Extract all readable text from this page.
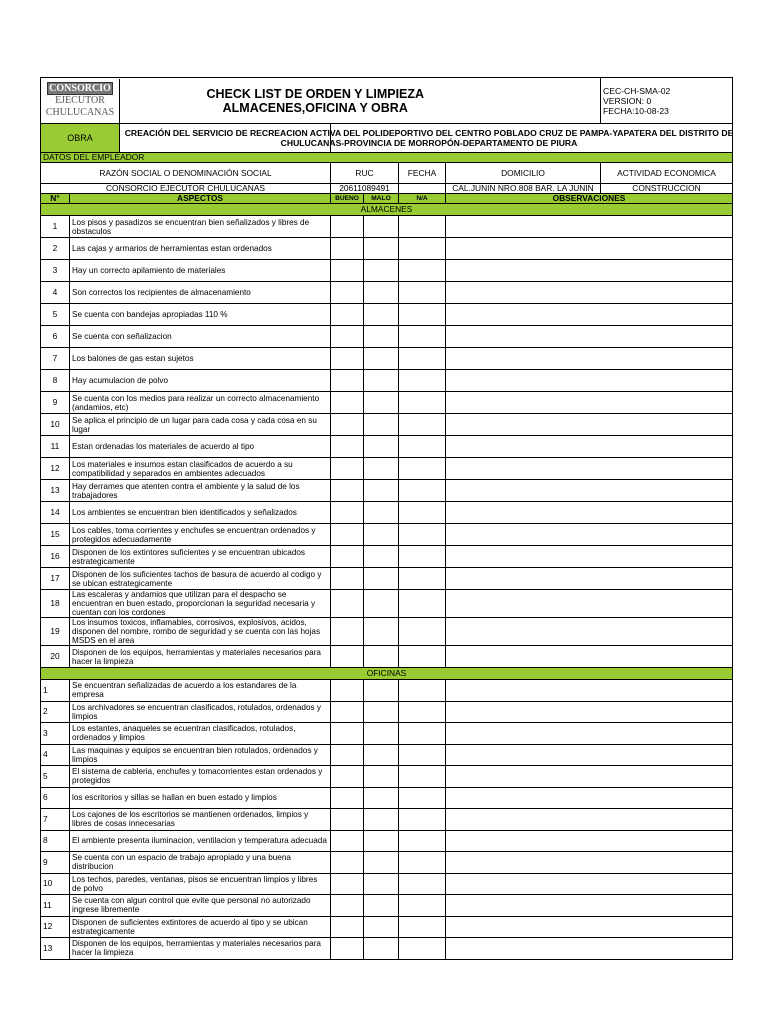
CONSORCIO
EJECUTOR
CHULUCANAS	

CHECK LIST DE ORDEN Y LIMPIEZA
ALMACENES,OFICINA Y OBRA

CEC-CH-SMA-02
VERSION: 0
FECHA:10-08-23

OBRA	CREACIÓN DEL SERVICIO DE RECREACION ACTIVA DEL POLIDEPORTIVO DEL CENTRO POBLADO CRUZ DE PAMPA-YAPATERA DEL DISTRITO DE CHULUCANAS-PROVINCIA DE MORROPÓN-DEPARTAMENTO DE PIURA

DATOS DEL EMPLEADOR
RAZÓN SOCIAL O DENOMINACIÓN SOCIAL	RUC	FECHA	DOMICILIO	ACTIVIDAD ECONOMICA
CONSORCIO EJECUTOR CHULUCANAS	20611089491		CAL.JUNIN NRO.808 BAR. LA JUNIN	CONSTRUCCION
N°	ASPECTOS	BUENO	MALO	N/A	OBSERVACIONES
ALMACENES
1	Los pisos y pasadizos se encuentran bien señalizados y libres de obstaculos				
2	Las cajas y armarios de herramientas estan ordenados				
3	Hay un correcto apilamiento de materiales				
4	Son correctos los recipientes de almacenamiento				
5	Se cuenta con bandejas apropiadas 110 %				
6	Se cuenta con señalizacion				
7	Los balones de gas estan sujetos				
8	Hay acumulacion de polvo				
9	Se cuenta con los medios para realizar un correcto almacenamiento (andamios, etc)				
10	Se aplica el principio de un lugar para cada cosa y cada cosa en su lugar				
11	Estan ordenadas los materiales de acuerdo al tipo				
12	Los materiales e insumos estan clasificados de acuerdo a su compatibilidad y separados en ambientes adecuados				
13	Hay derrames que atenten contra el ambiente y la salud de los trabajadores				
14	Los ambientes se encuentran bien identificados y señalizados				
15	Los cables, toma corrientes y enchufes se encuentran ordenados y protegidos adecuadamente				
16	Disponen de los extintores suficientes y se encuentran ubicados estrategicamente				
17	Disponen de los suficientes tachos de basura de acuerdo al codigo y se ubican estrategicamente				
18	Las escaleras y andamios que utilizan para el despacho se encuentran en buen estado, proporcionan la seguridad necesaria y cuentan con los cordones				
19	Los insumos toxicos, inflamables, corrosivos, explosivos, acidos, disponen del nombre, rombo de seguridad y se cuenta con las hojas MSDS en el area				
20	Disponen de los equipos, herramientas y materiales necesarios para hacer la limpieza				
OFICINAS
1	Se encuentran señalizadas de acuerdo a los estandares de la empresa				
2	Los archivadores se encuentran clasificados, rotulados, ordenados y limpios				
3	Los estantes, anaqueles se ecuentran clasificados, rotulados, ordenados y limpios				
4	Las maquinas y equipos se encuentran bien rotulados, ordenados y limpios				
5	El sistema de cableria, enchufes y tomacorrientes estan ordenados y protegidos				
6	los escritorios y sillas se hallan en buen estado y limpios				
7	Los cajones de los escritorios se mantienen ordenados, limpios y libres de cosas innecesarias				
8	El ambiente presenta iluminacion, ventilacion y temperatura adecuada				
9	Se cuenta con un espacio de trabajo apropiado y una buena distribucion				
10	Los techos, paredes, ventanas, pisos se encuentran limpios y libres de polvo				
11	Se cuenta con algun control que evite que personal no autorizado ingrese libremente				
12	Disponen de suficientes extintores de acuerdo al tipo y se ubican estrategicamente				
13	Disponen de los equipos, herramientas y materiales necesarios para hacer la limpieza				
